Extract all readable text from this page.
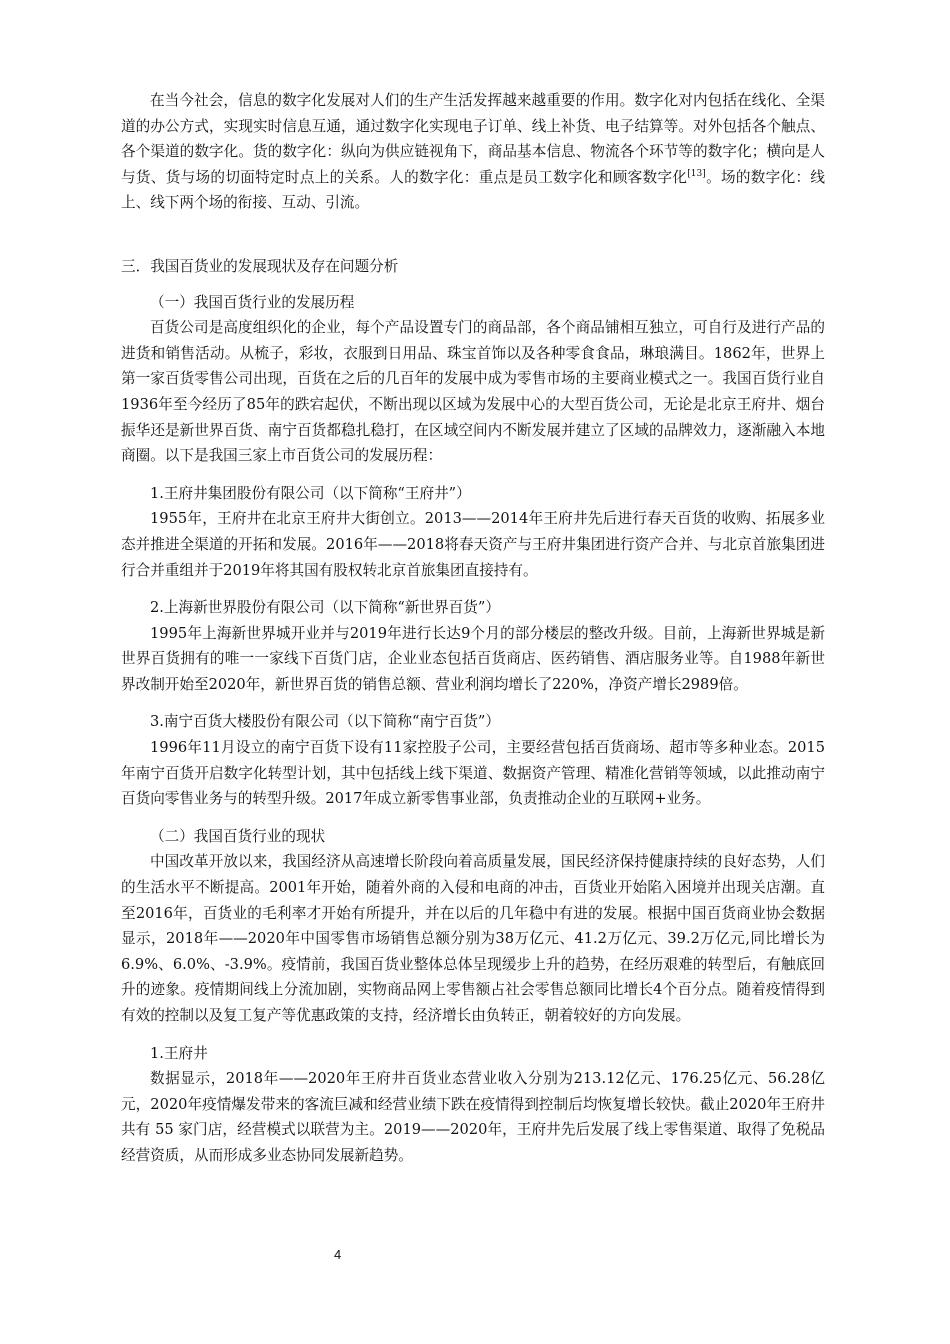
在当今社会，信息的数字化发展对人们的生产生活发挥越来越重要的作用。数字化对内包括在线化、全渠道的办公方式，实现实时信息互通，通过数字化实现电子订单、线上补货、电子结算等。对外包括各个触点、各个渠道的数字化。货的数字化：纵向为供应链视角下，商品基本信息、物流各个环节等的数字化；横向是人与货、货与场的切面特定时点上的关系。人的数字化：重点是员工数字化和顾客数字化[13]。场的数字化：线上、线下两个场的衔接、互动、引流。

三．我国百货业的发展现状及存在问题分析

（一）我国百货行业的发展历程

百货公司是高度组织化的企业，每个产品设置专门的商品部，各个商品铺相互独立，可自行及进行产品的进货和销售活动。从梳子，彩妆，衣服到日用品、珠宝首饰以及各种零食食品，琳琅满目。1862年，世界上第一家百货零售公司出现，百货在之后的几百年的发展中成为零售市场的主要商业模式之一。我国百货行业自1936年至今经历了85年的跌宕起伏，不断出现以区域为发展中心的大型百货公司，无论是北京王府井、烟台振华还是新世界百货、南宁百货都稳扎稳打，在区域空间内不断发展并建立了区域的品牌效力，逐渐融入本地商圈。以下是我国三家上市百货公司的发展历程：

1.王府井集团股份有限公司（以下简称“王府井”）

1955年，王府井在北京王府井大街创立。2013——2014年王府井先后进行春天百货的收购、拓展多业态并推进全渠道的开拓和发展。2016年——2018将春天资产与王府井集团进行资产合并、与北京首旅集团进行合并重组并于2019年将其国有股权转北京首旅集团直接持有。

2.上海新世界股份有限公司（以下简称“新世界百货”）

1995年上海新世界城开业并与2019年进行长达9个月的部分楼层的整改升级。目前，上海新世界城是新世界百货拥有的唯一一家线下百货门店，企业业态包括百货商店、医药销售、酒店服务业等。自1988年新世界改制开始至2020年，新世界百货的销售总额、营业利润均增长了220%，净资产增长2989倍。

3.南宁百货大楼股份有限公司（以下简称“南宁百货”）

1996年11月设立的南宁百货下设有11家控股子公司，主要经营包括百货商场、超市等多种业态。2015年南宁百货开启数字化转型计划，其中包括线上线下渠道、数据资产管理、精准化营销等领域，以此推动南宁百货向零售业务与的转型升级。2017年成立新零售事业部，负责推动企业的互联网+业务。

（二）我国百货行业的现状

中国改革开放以来，我国经济从高速增长阶段向着高质量发展，国民经济保持健康持续的良好态势，人们的生活水平不断提高。2001年开始，随着外商的入侵和电商的冲击，百货业开始陷入困境并出现关店潮。直至2016年，百货业的毛利率才开始有所提升，并在以后的几年稳中有进的发展。根据中国百货商业协会数据显示，2018年——2020年中国零售市场销售总额分别为38万亿元、41.2万亿元、39.2万亿元,同比增长为6.9%、6.0%、-3.9%。疫情前，我国百货业整体总体呈现缓步上升的趋势，在经历艰难的转型后，有触底回升的迹象。疫情期间线上分流加剧，实物商品网上零售额占社会零售总额同比增长4个百分点。随着疫情得到有效的控制以及复工复产等优惠政策的支持，经济增长由负转正，朝着较好的方向发展。

1.王府井

数据显示，2018年——2020年王府井百货业态营业收入分别为213.12亿元、176.25亿元、56.28亿元，2020年疫情爆发带来的客流巨减和经营业绩下跌在疫情得到控制后均恢复增长较快。截止2020年王府井共有 55 家门店，经营模式以联营为主。2019——2020年，王府井先后发展了线上零售渠道、取得了免税品经营资质，从而形成多业态协同发展新趋势。

4
